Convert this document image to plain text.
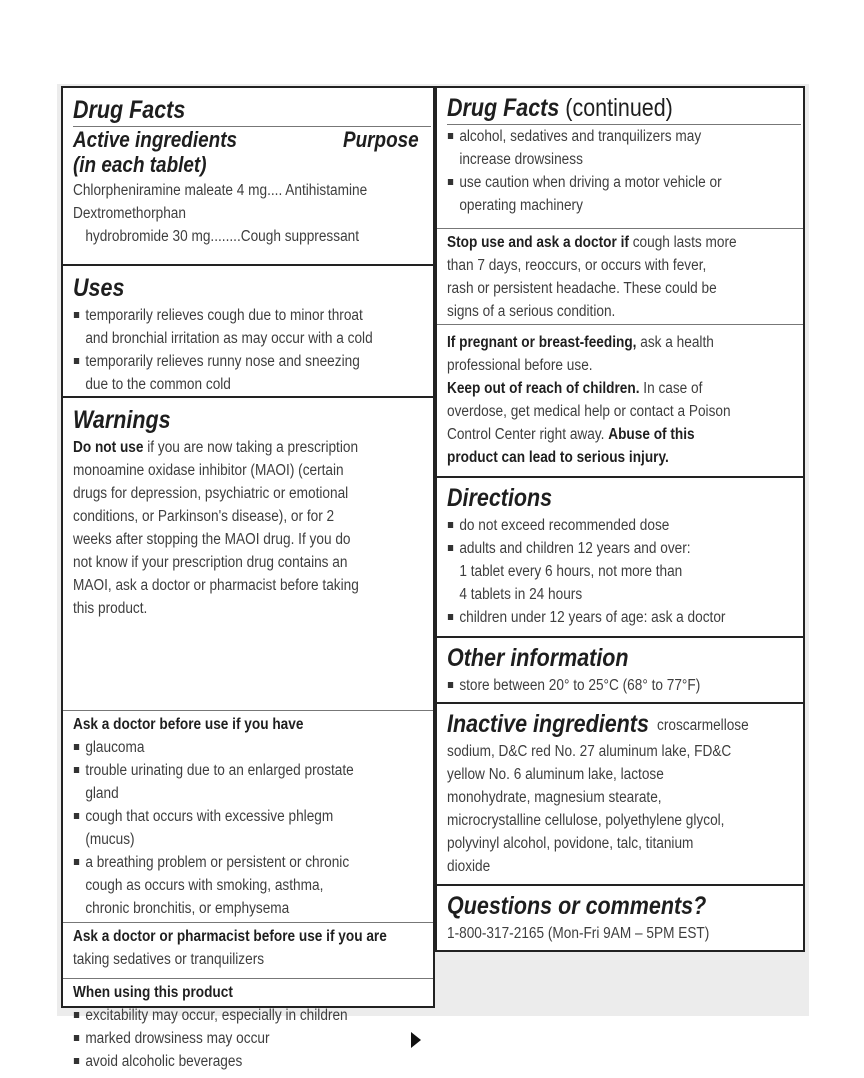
Drug Facts
Active ingredients
(in each tablet)
Purpose
Chlorpheniramine maleate 4 mg.... Antihistamine
Dextromethorphan
hydrobromide 30 mg........Cough suppressant
Uses
temporarily relieves cough due to minor throat
and bronchial irritation as may occur with a cold
temporarily relieves runny nose and sneezing
due to the common cold
Warnings
Do not use if you are now taking a prescription
monoamine oxidase inhibitor (MAOI) (certain
drugs for depression, psychiatric or emotional
conditions, or Parkinson's disease), or for 2
weeks after stopping the MAOI drug. If you do
not know if your prescription drug contains an
MAOI, ask a doctor or pharmacist before taking
this product.
Ask a doctor before use if you have
glaucoma
trouble urinating due to an enlarged prostate
gland
cough that occurs with excessive phlegm
(mucus)
a breathing problem or persistent or chronic
cough as occurs with smoking, asthma,
chronic bronchitis, or emphysema
Ask a doctor or pharmacist before use if you are
taking sedatives or tranquilizers
When using this product
excitability may occur, especially in children
marked drowsiness may occur
avoid alcoholic beverages
Drug Facts (continued)
alcohol, sedatives and tranquilizers may
increase drowsiness
use caution when driving a motor vehicle or
operating machinery
Stop use and ask a doctor if cough lasts more
than 7 days, reoccurs, or occurs with fever,
rash or persistent headache. These could be
signs of a serious condition.
If pregnant or breast-feeding, ask a health
professional before use.
Keep out of reach of children. In case of
overdose, get medical help or contact a Poison
Control Center right away. Abuse of this
product can lead to serious injury.
Directions
do not exceed recommended dose
adults and children 12 years and over:
1 tablet every 6 hours, not more than
4 tablets in 24 hours
children under 12 years of age: ask a doctor
Other information
store between 20° to 25°C (68° to 77°F)
Inactive ingredients croscarmellose
sodium, D&C red No. 27 aluminum lake, FD&C
yellow No. 6 aluminum lake, lactose
monohydrate, magnesium stearate,
microcrystalline cellulose, polyethylene glycol,
polyvinyl alcohol, povidone, talc, titanium
dioxide
Questions or comments?
1-800-317-2165 (Mon-Fri 9AM – 5PM EST)
